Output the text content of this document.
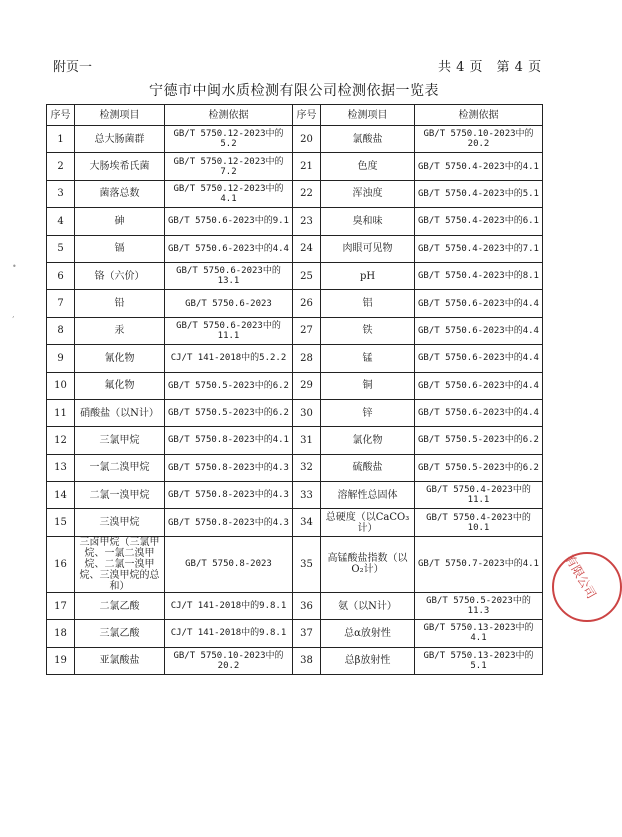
附页一	共 4 页　第 4 页
宁德市中闽水质检测有限公司检测依据一览表
序号	检测项目	检测依据	序号	检测项目	检测依据
1	总大肠菌群	GB/T 5750.12-2023中的5.2	20	氯酸盐	GB/T 5750.10-2023中的20.2
2	大肠埃希氏菌	GB/T 5750.12-2023中的7.2	21	色度	GB/T 5750.4-2023中的4.1
3	菌落总数	GB/T 5750.12-2023中的4.1	22	浑浊度	GB/T 5750.4-2023中的5.1
4	砷	GB/T 5750.6-2023中的9.1	23	臭和味	GB/T 5750.4-2023中的6.1
5	镉	GB/T 5750.6-2023中的4.4	24	肉眼可见物	GB/T 5750.4-2023中的7.1
6	铬（六价）	GB/T 5750.6-2023中的13.1	25	pH	GB/T 5750.4-2023中的8.1
7	铅	GB/T 5750.6-2023	26	铝	GB/T 5750.6-2023中的4.4
8	汞	GB/T 5750.6-2023中的11.1	27	铁	GB/T 5750.6-2023中的4.4
9	氰化物	CJ/T 141-2018中的5.2.2	28	锰	GB/T 5750.6-2023中的4.4
10	氟化物	GB/T 5750.5-2023中的6.2	29	铜	GB/T 5750.6-2023中的4.4
11	硝酸盐（以N计）	GB/T 5750.5-2023中的6.2	30	锌	GB/T 5750.6-2023中的4.4
12	三氯甲烷	GB/T 5750.8-2023中的4.1	31	氯化物	GB/T 5750.5-2023中的6.2
13	一氯二溴甲烷	GB/T 5750.8-2023中的4.3	32	硫酸盐	GB/T 5750.5-2023中的6.2
14	二氯一溴甲烷	GB/T 5750.8-2023中的4.3	33	溶解性总固体	GB/T 5750.4-2023中的11.1
15	三溴甲烷	GB/T 5750.8-2023中的4.3	34	总硬度（以CaCO₃计）	GB/T 5750.4-2023中的10.1
16	三卤甲烷（三氯甲烷、一氯二溴甲烷、二氯一溴甲烷、三溴甲烷的总和）	GB/T 5750.8-2023	35	高锰酸盐指数（以O₂计）	GB/T 5750.7-2023中的4.1
17	二氯乙酸	CJ/T 141-2018中的9.8.1	36	氨（以N计）	GB/T 5750.5-2023中的11.3
18	三氯乙酸	CJ/T 141-2018中的9.8.1	37	总α放射性	GB/T 5750.13-2023中的4.1
19	亚氯酸盐	GB/T 5750.10-2023中的20.2	38	总β放射性	GB/T 5750.13-2023中的5.1
有限公司
•
‚
